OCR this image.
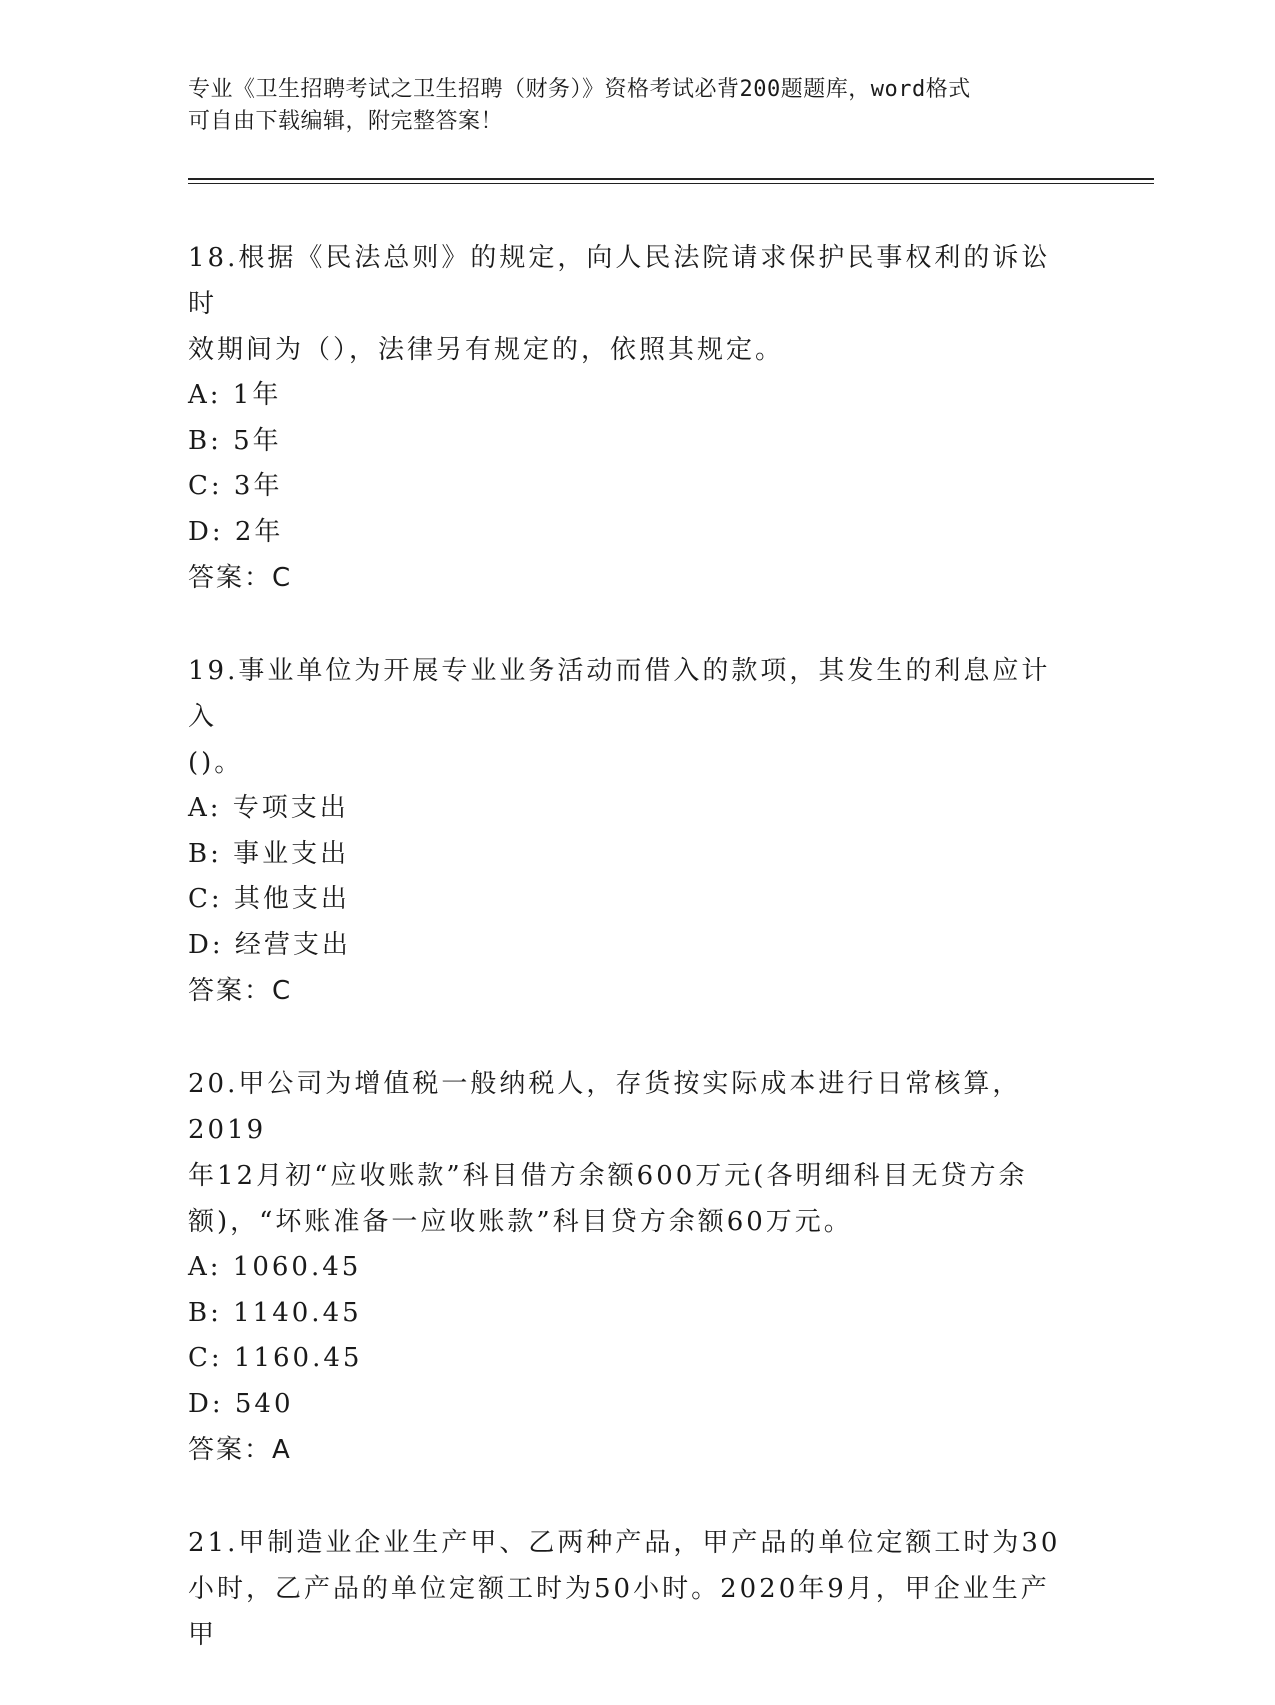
专业《卫生招聘考试之卫生招聘（财务）》资格考试必背200题题库，word格式
可自由下载编辑，附完整答案！
18.根据《民法总则》的规定，向人民法院请求保护民事权利的诉讼时
效期间为（），法律另有规定的，依照其规定。
A: 1年
B: 5年
C: 3年
D: 2年
答案：C
19.事业单位为开展专业业务活动而借入的款项，其发生的利息应计入
()。
A: 专项支出
B: 事业支出
C: 其他支出
D: 经营支出
答案：C
20.甲公司为增值税一般纳税人，存货按实际成本进行日常核算，2019
年12月初“应收账款”科目借方余额600万元(各明细科目无贷方余
额)，“坏账准备一应收账款”科目贷方余额60万元。
A: 1060.45
B: 1140.45
C: 1160.45
D: 540
答案：A
21.甲制造业企业生产甲、乙两种产品，甲产品的单位定额工时为30
小时，乙产品的单位定额工时为50小时。2020年9月，甲企业生产甲
